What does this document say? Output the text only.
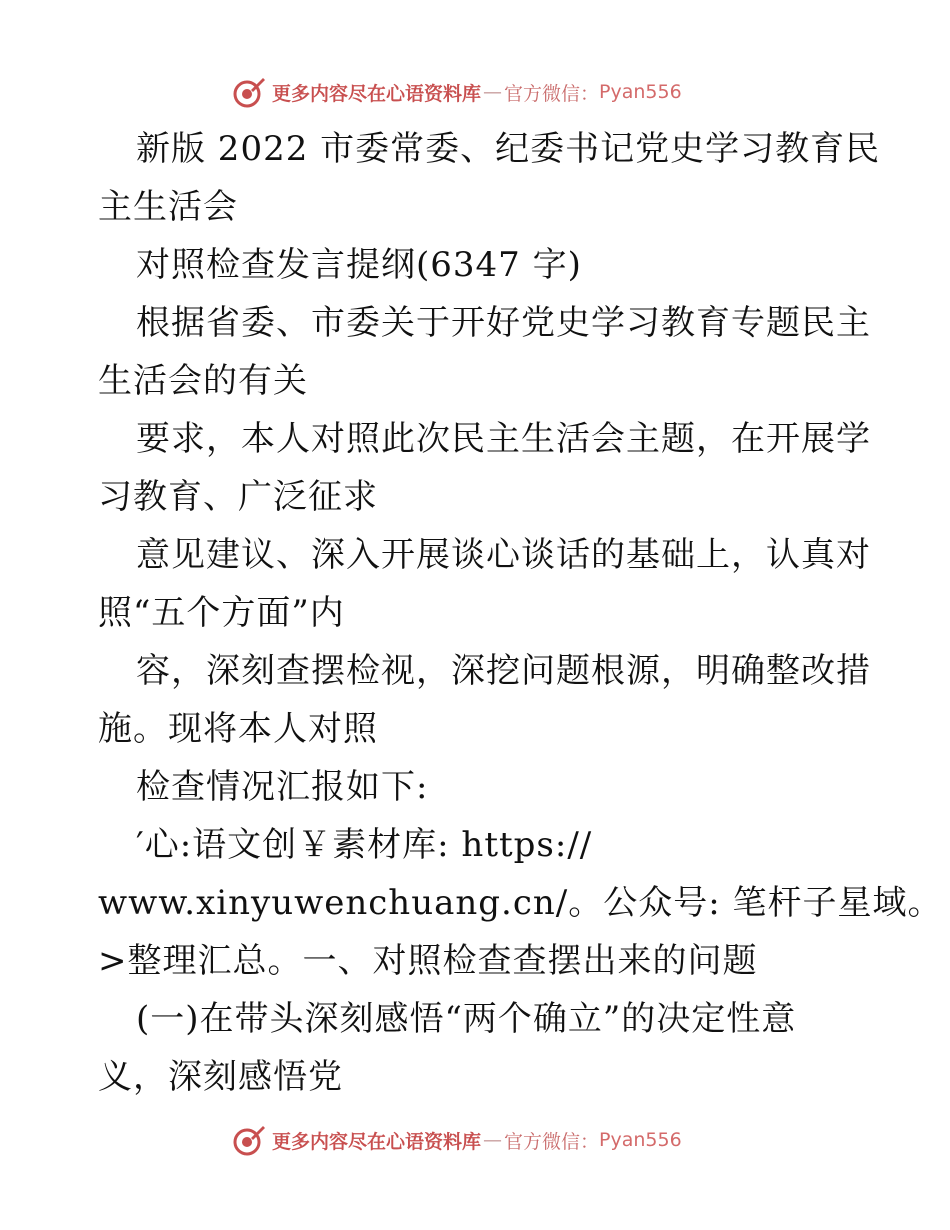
更多内容尽在心语资料库 — 官方微信： Pyan556
新版 2022 市委常委、纪委书记党史学习教育民
主生活会
对照检查发言提纲(6347 字)
根据省委、市委关于开好党史学习教育专题民主
生活会的有关
要求，本人对照此次民主生活会主题，在开展学
习教育、广泛征求
意见建议、深入开展谈心谈话的基础上，认真对
照“五个方面”内
容，深刻查摆检视，深挖问题根源，明确整改措
施。现将本人对照
检查情况汇报如下:
′心:语文创￥素材库: https://
www.xinyuwenchuang.cn/。公众号: 笔杆子星域。
>整理汇总。一、对照检查查摆出来的问题
(一)在带头深刻感悟“两个确立”的决定性意
义，深刻感悟党
更多内容尽在心语资料库 — 官方微信： Pyan556
